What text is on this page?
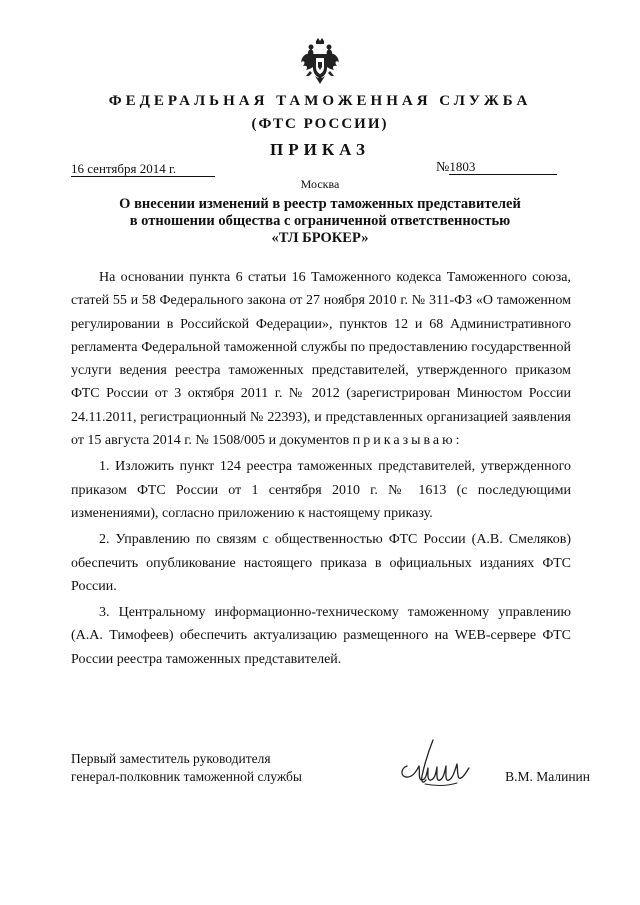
ФЕДЕРАЛЬНАЯ ТАМОЖЕННАЯ СЛУЖБА
(ФТС РОССИИ)
ПРИКАЗ
16 сентября 2014 г.	№1803
Москва
О внесении изменений в реестр таможенных представителей
в отношении общества с ограниченной ответственностью
«ТЛ БРОКЕР»

На основании пункта 6 статьи 16 Таможенного кодекса Таможенного союза, статей 55 и 58 Федерального закона от 27 ноября 2010 г. № 311-ФЗ «О таможенном регулировании в Российской Федерации», пунктов 12 и 68 Административного регламента Федеральной таможенной службы по предоставлению государственной услуги ведения реестра таможенных представителей, утвержденного приказом ФТС России от 3 октября 2011 г. № 2012 (зарегистрирован Минюстом России 24.11.2011, регистрационный № 22393), и представленных организацией заявления от 15 августа 2014 г. № 1508/005 и документов приказываю:

1. Изложить пункт 124 реестра таможенных представителей, утвержденного приказом ФТС России от 1 сентября 2010 г. № 1613 (с последующими изменениями), согласно приложению к настоящему приказу.

2. Управлению по связям с общественностью ФТС России (А.В. Смеляков) обеспечить опубликование настоящего приказа в официальных изданиях ФТС России.

3. Центральному информационно-техническому таможенному управлению (А.А. Тимофеев) обеспечить актуализацию размещенного на WEB-сервере ФТС России реестра таможенных представителей.

Первый заместитель руководителя
генерал-полковник таможенной службы	В.М. Малинин
